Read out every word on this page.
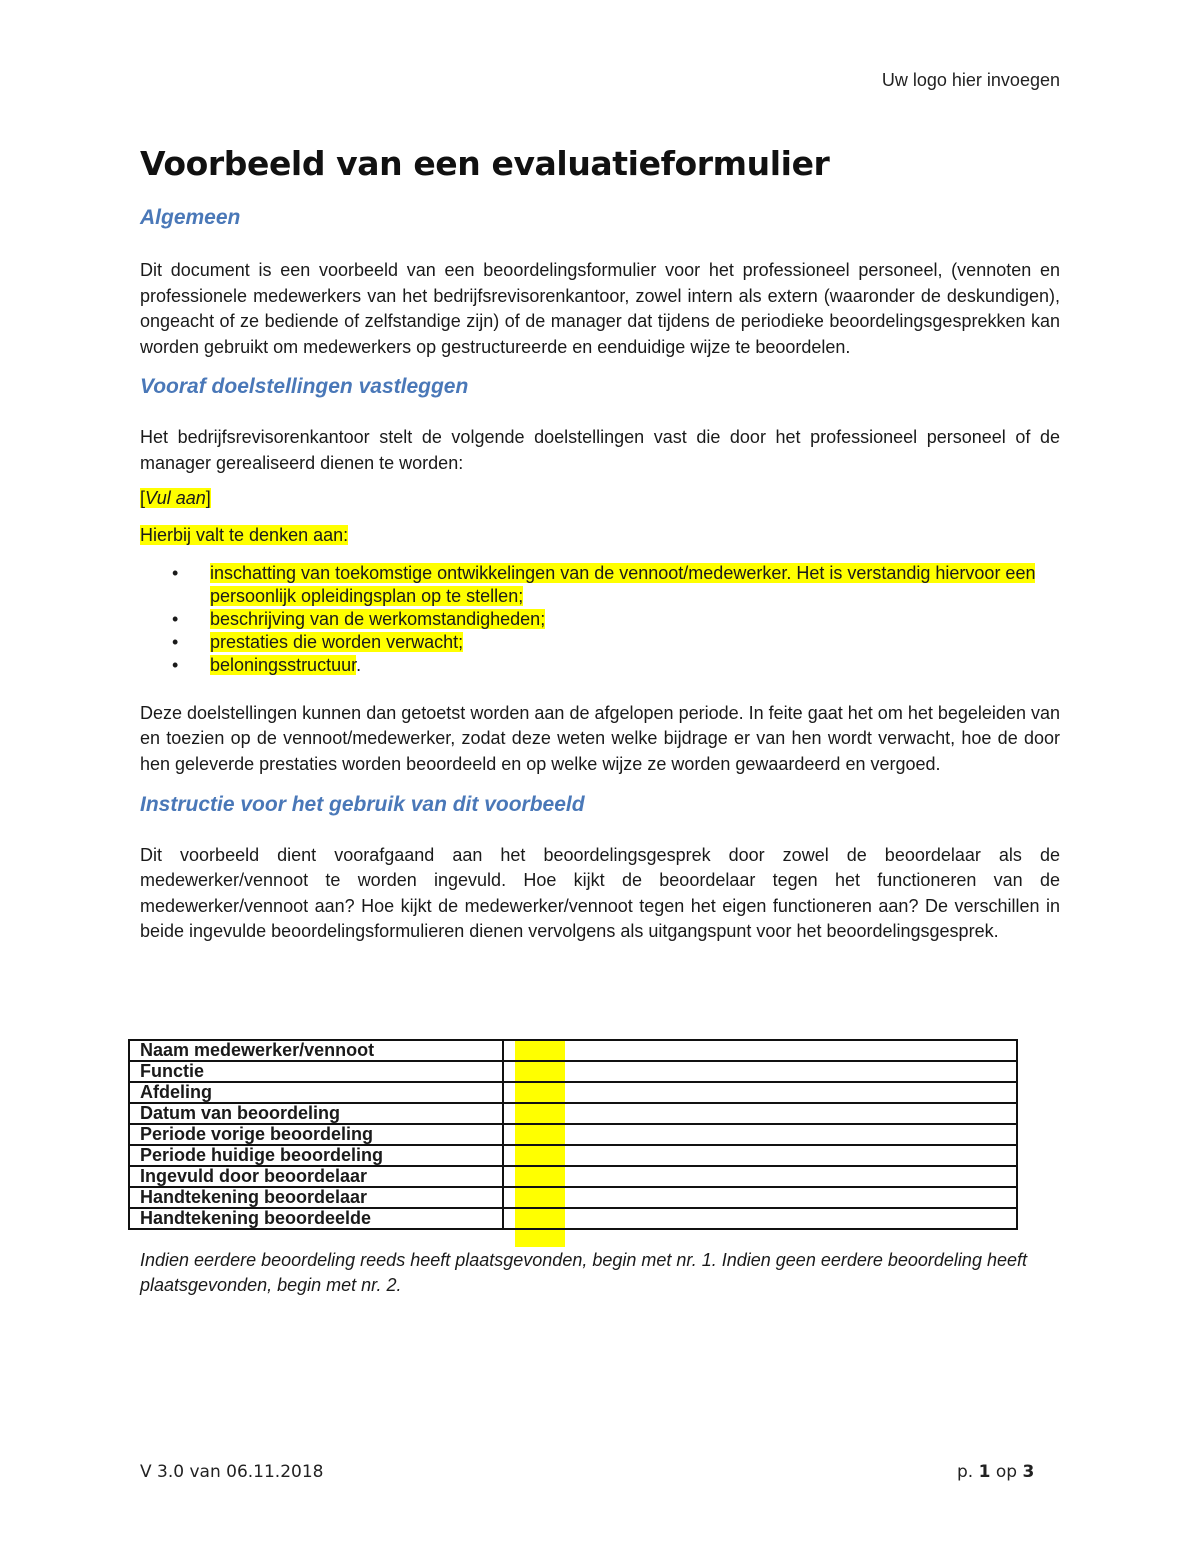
Uw logo hier invoegen
Voorbeeld van een evaluatieformulier
Algemeen

Dit document is een voorbeeld van een beoordelingsformulier voor het professioneel personeel, (vennoten en professionele medewerkers van het bedrijfsrevisorenkantoor, zowel intern als extern (waaronder de deskundigen), ongeacht of ze bediende of zelfstandige zijn) of de manager dat tijdens de periodieke beoordelingsgesprekken kan worden gebruikt om medewerkers op gestructureerde en eenduidige wijze te beoordelen.

Vooraf doelstellingen vastleggen

Het bedrijfsrevisorenkantoor stelt de volgende doelstellingen vast die door het professioneel personeel of de manager gerealiseerd dienen te worden:

[Vul aan]

Hierbij valt te denken aan:

• inschatting van toekomstige ontwikkelingen van de vennoot/medewerker. Het is verstandig hiervoor een persoonlijk opleidingsplan op te stellen;
• beschrijving van de werkomstandigheden;
• prestaties die worden verwacht;
• beloningsstructuur.

Deze doelstellingen kunnen dan getoetst worden aan de afgelopen periode. In feite gaat het om het begeleiden van en toezien op de vennoot/medewerker, zodat deze weten welke bijdrage er van hen wordt verwacht, hoe de door hen geleverde prestaties worden beoordeeld en op welke wijze ze worden gewaardeerd en vergoed.

Instructie voor het gebruik van dit voorbeeld

Dit voorbeeld dient voorafgaand aan het beoordelingsgesprek door zowel de beoordelaar als de medewerker/vennoot te worden ingevuld. Hoe kijkt de beoordelaar tegen het functioneren van de medewerker/vennoot aan? Hoe kijkt de medewerker/vennoot tegen het eigen functioneren aan? De verschillen in beide ingevulde beoordelingsformulieren dienen vervolgens als uitgangspunt voor het beoordelingsgesprek.

Naam medewerker/vennoot	
Functie	
Afdeling	
Datum van beoordeling	
Periode vorige beoordeling	
Periode huidige beoordeling	
Ingevuld door beoordelaar	
Handtekening beoordelaar	
Handtekening beoordeelde	
Indien eerdere beoordeling reeds heeft plaatsgevonden, begin met nr. 1. Indien geen eerdere beoordeling heeft plaatsgevonden, begin met nr. 2.
V 3.0 van 06.11.2018	p. 1 op 3
